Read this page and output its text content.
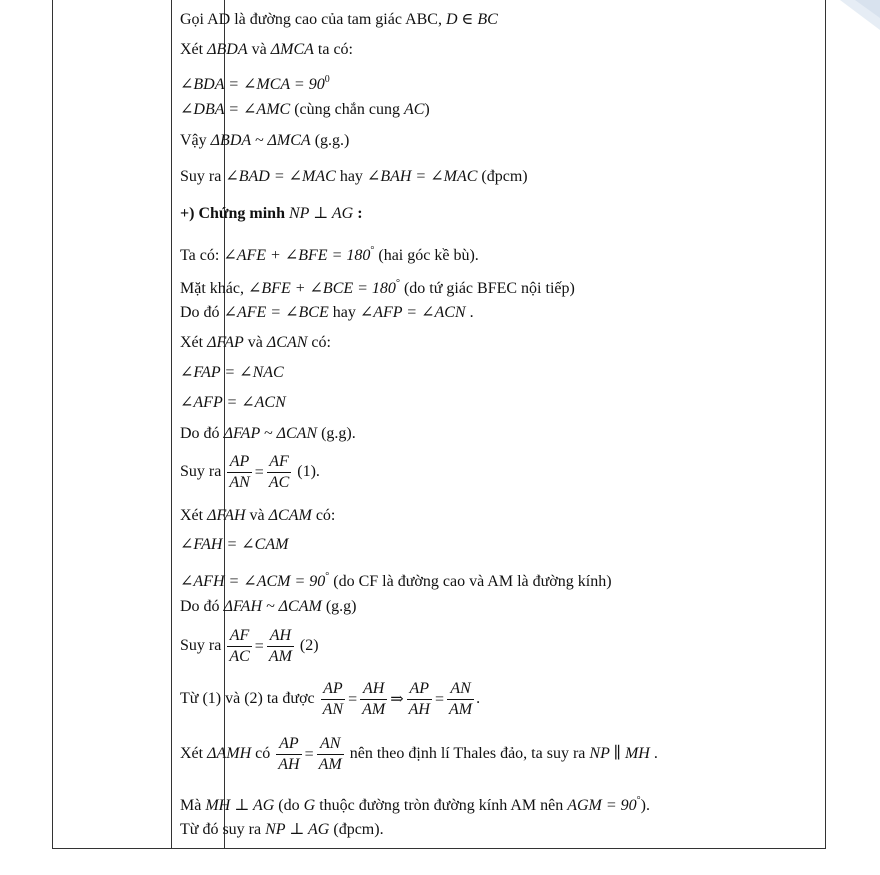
Gọi AD là đường cao của tam giác ABC, D ∈ BC
Xét ΔBDA và ΔMCA ta có:
∠BDA = ∠MCA = $90^0$
∠DBA = ∠AMC (cùng chắn cung AC)
Vậy ΔBDA ~ ΔMCA (g.g.)
Suy ra ∠BAD = ∠MAC hay ∠BAH = ∠MAC (đpcm)
+) Chứng minh NP ⊥ AG :
Ta có: ∠AFE + ∠BFE = 180° (hai góc kề bù).
Mặt khác, ∠BFE + ∠BCE = 180° (do tứ giác BFEC nội tiếp)
Do đó ∠AFE = ∠BCE hay ∠AFP = ∠ACN .
Xét ΔFAP và ΔCAN có:
∠FAP = ∠NAC
∠AFP = ∠ACN
Do đó ΔFAP ~ ΔCAN (g.g).
Suy ra $\frac{AP}{AN} = \frac{AF}{AC} (1)$.
Xét ΔFAH và ΔCAM có:
∠FAH = ∠CAM
∠AFH = ∠ACM = 90° (do CF là đường cao và AM là đường kính)
Do đó ΔFAH ~ ΔCAM (g.g)
Suy ra $\frac{AF}{AC} = \frac{AH}{AM} (2)$
Từ (1) và (2) ta được $\frac{AP}{AN} = \frac{AH}{AM}$ ⇒ $\frac{AP}{AH} = \frac{AN}{AM}$ .
Xét ΔAMH có $\frac{AP}{AH} = \frac{AN}{AM}$ nên theo định lí Thales đảo, ta suy ra NP ∥ MH .
Mà MH ⊥ AG (do G thuộc đường tròn đường kính AM nên AGM = 90°).
Từ đó suy ra NP ⊥ AG (đpcm).
